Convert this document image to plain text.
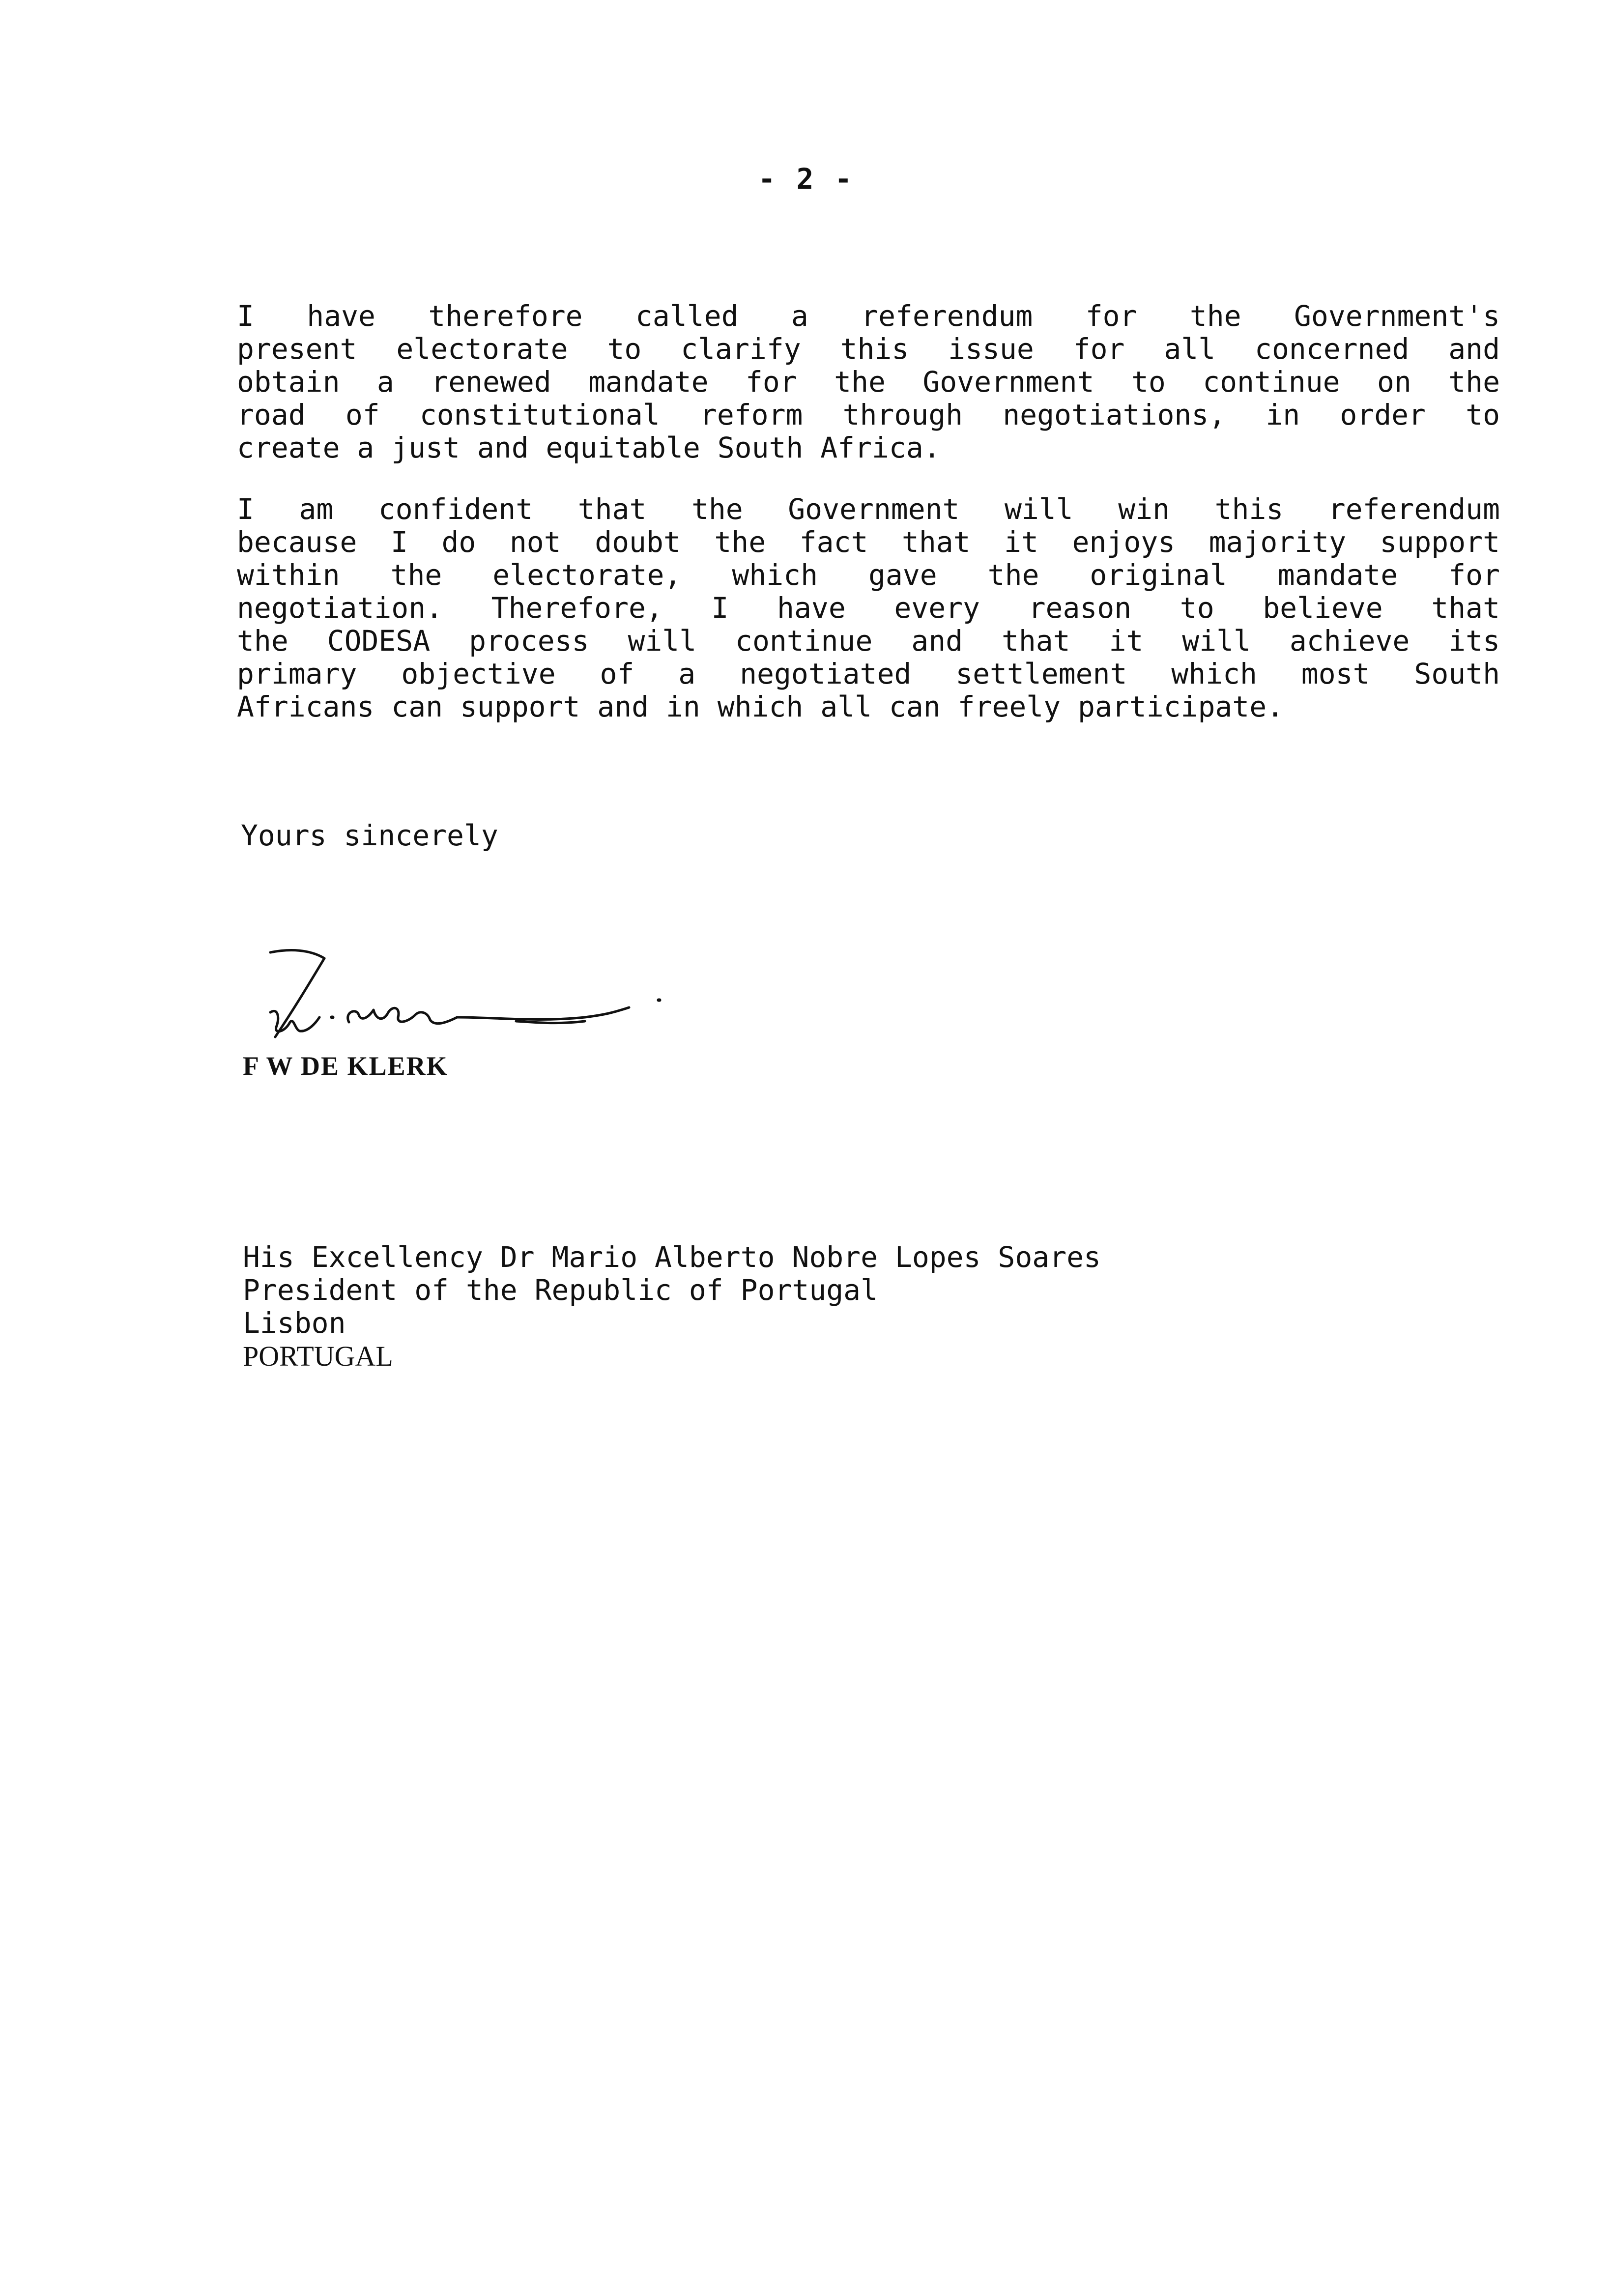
- 2 -
I have therefore called a referendum for the Government's
present electorate to clarify this issue for all concerned and
obtain a renewed mandate for the Government to continue on the
road of constitutional reform through negotiations, in order to
create a just and equitable South Africa.
I am confident that the Government will win this referendum
because I do not doubt the fact that it enjoys majority support
within the electorate, which gave the original mandate for
negotiation. Therefore, I have every reason to believe that
the CODESA process will continue and that it will achieve its
primary objective of a negotiated settlement which most South
Africans can support and in which all can freely participate.
Yours sincerely
F W DE KLERK
His Excellency Dr Mario Alberto Nobre Lopes Soares
President of the Republic of Portugal
Lisbon
PORTUGAL
